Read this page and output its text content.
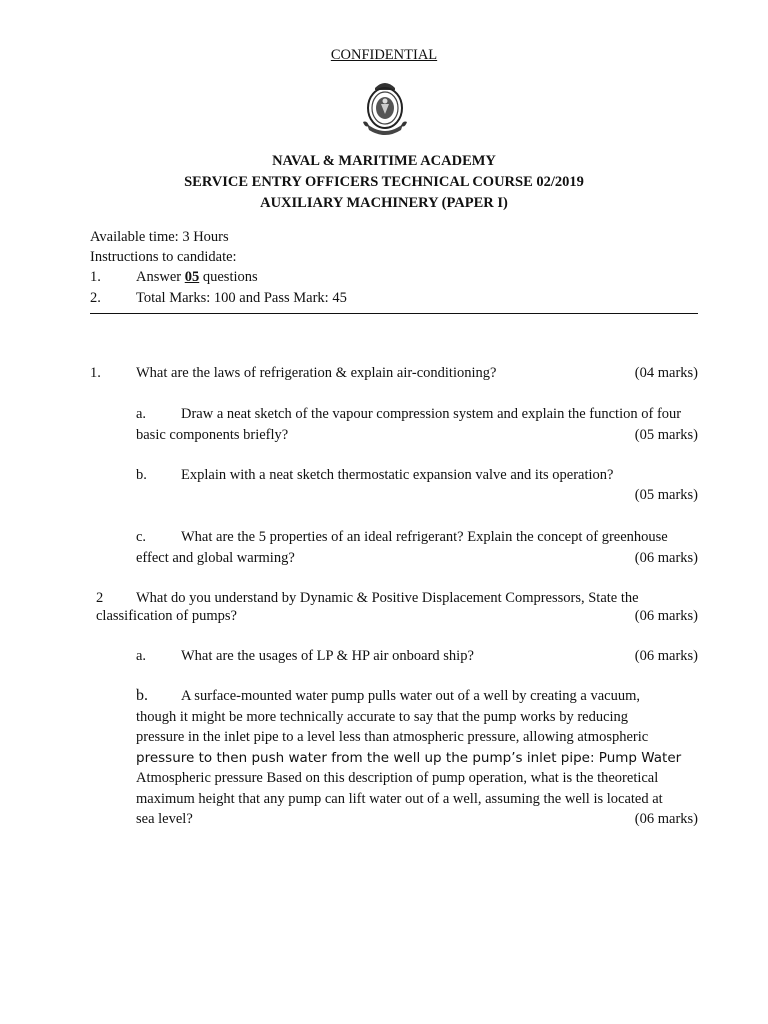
CONFIDENTIAL
NAVAL & MARITIME ACADEMY
SERVICE ENTRY OFFICERS TECHNICAL COURSE 02/2019
AUXILIARY MACHINERY (PAPER I)
Available time: 3 Hours
Instructions to candidate:
1. Answer 05 questions
2. Total Marks: 100 and Pass Mark: 45
1. What are the laws of refrigeration & explain air-conditioning?	(04 marks)
a. Draw a neat sketch of the vapour compression system and explain the function of four
basic components briefly?	(05 marks)
b. Explain with a neat sketch thermostatic expansion valve and its operation?
(05 marks)
c. What are the 5 properties of an ideal refrigerant? Explain the concept of greenhouse
effect and global warming?	(06 marks)
2 What do you understand by Dynamic & Positive Displacement Compressors, State the
classification of pumps?	(06 marks)
a. What are the usages of LP & HP air onboard ship?	(06 marks)
b. A surface-mounted water pump pulls water out of a well by creating a vacuum,
though it might be more technically accurate to say that the pump works by reducing
pressure in the inlet pipe to a level less than atmospheric pressure, allowing atmospheric
pressure to then push water from the well up the pump’s inlet pipe: Pump Water
Atmospheric pressure Based on this description of pump operation, what is the theoretical
maximum height that any pump can lift water out of a well, assuming the well is located at
sea level?	(06 marks)
